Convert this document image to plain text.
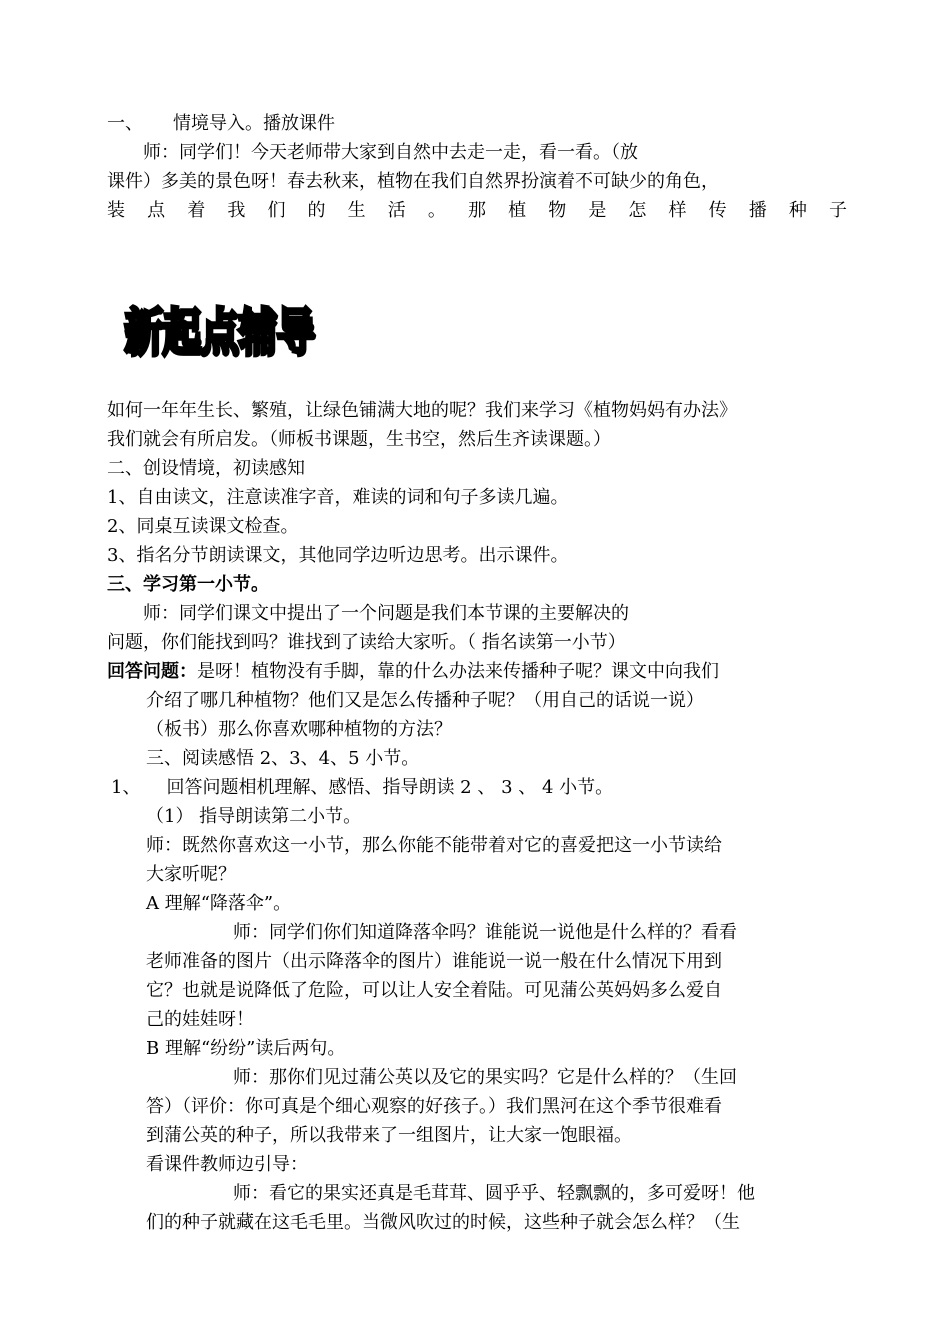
一、 情境导入。播放课件
师：同学们！今天老师带大家到自然中去走一走，看一看。（放
课件）多美的景色呀！春去秋来，植物在我们自然界扮演着不可缺少的角色，
装 点 着 我 们 的 生 活 。 那 植 物 是 怎 样 传 播 种 子
新起点辅导
如何一年年生长、繁殖，让绿色铺满大地的呢？我们来学习《植物妈妈有办法》
我们就会有所启发。（师板书课题，生书空，然后生齐读课题。）
二、创设情境，初读感知
1、自由读文，注意读准字音，难读的词和句子多读几遍。
2、同桌互读课文检查。
3、指名分节朗读课文，其他同学边听边思考。出示课件。
三、学习第一小节。
师：同学们课文中提出了一个问题是我们本节课的主要解决的
问题，你们能找到吗？谁找到了读给大家听。（ 指名读第一小节）
回答问题：是呀！植物没有手脚，靠的什么办法来传播种子呢？课文中向我们
介绍了哪几种植物？他们又是怎么传播种子呢？（用自己的话说一说）
（板书）那么你喜欢哪种植物的方法？
三、阅读感悟 2、3、4、5 小节。
1、 回答问题相机理解、感悟、指导朗读 2 、 3 、 4 小节。
（1） 指导朗读第二小节。
师：既然你喜欢这一小节，那么你能不能带着对它的喜爱把这一小节读给
大家听呢？
A 理解“降落伞”。
师：同学们你们知道降落伞吗？谁能说一说他是什么样的？看看
老师准备的图片（出示降落伞的图片）谁能说一说一般在什么情况下用到
它？也就是说降低了危险，可以让人安全着陆。可见蒲公英妈妈多么爱自
己的娃娃呀！
B 理解“纷纷”读后两句。
师：那你们见过蒲公英以及它的果实吗？它是什么样的？（生回
答）（评价：你可真是个细心观察的好孩子。）我们黑河在这个季节很难看
到蒲公英的种子，所以我带来了一组图片，让大家一饱眼福。
看课件教师边引导：
师：看它的果实还真是毛茸茸、圆乎乎、轻飘飘的，多可爱呀！他
们的种子就藏在这毛毛里。当微风吹过的时候，这些种子就会怎么样？（生
